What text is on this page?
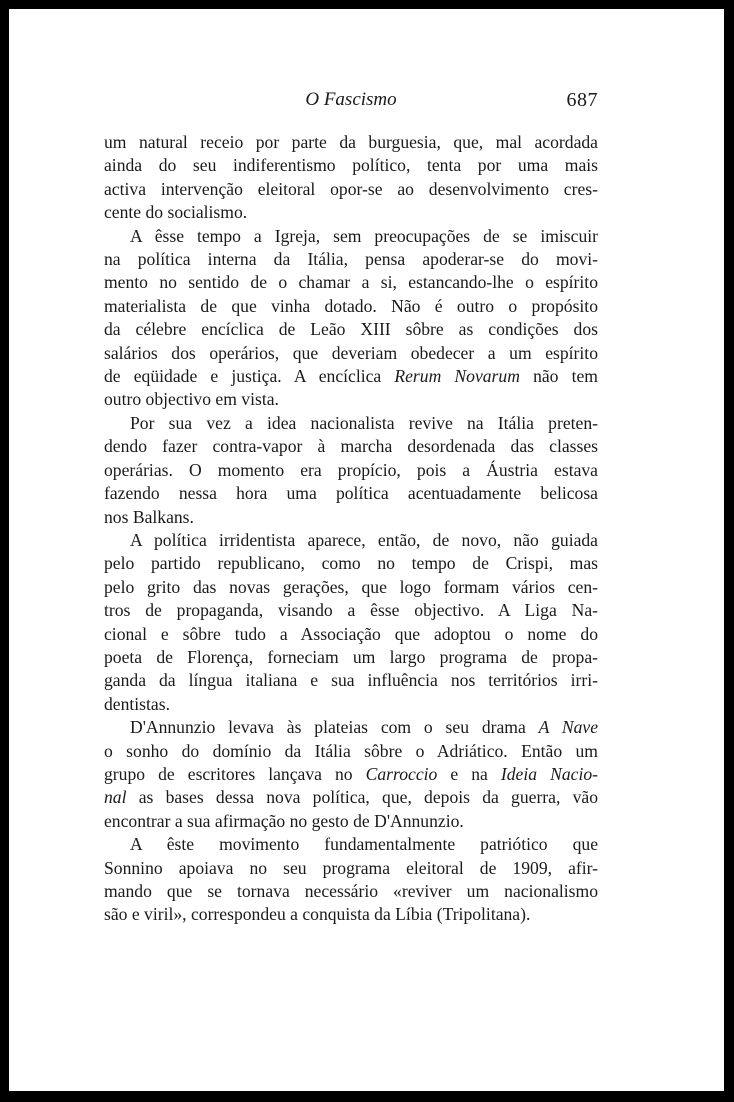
O Fascismo	687
um natural receio por parte da burguesia, que, mal acordada
ainda do seu indiferentismo político, tenta por uma mais
activa intervenção eleitoral opor-se ao desenvolvimento cres-
cente do socialismo.
A êsse tempo a Igreja, sem preocupações de se imiscuir
na política interna da Itália, pensa apoderar-se do movi-
mento no sentido de o chamar a si, estancando-lhe o espírito
materialista de que vinha dotado. Não é outro o propósito
da célebre encíclica de Leão XIII sôbre as condições dos
salários dos operários, que deveriam obedecer a um espírito
de eqüidade e justiça. A encíclica Rerum Novarum não tem
outro objectivo em vista.
Por sua vez a idea nacionalista revive na Itália preten-
dendo fazer contra-vapor à marcha desordenada das classes
operárias. O momento era propício, pois a Áustria estava
fazendo nessa hora uma política acentuadamente belicosa
nos Balkans.
A política irridentista aparece, então, de novo, não guiada
pelo partido republicano, como no tempo de Crispi, mas
pelo grito das novas gerações, que logo formam vários cen-
tros de propaganda, visando a êsse objectivo. A Liga Na-
cional e sôbre tudo a Associação que adoptou o nome do
poeta de Florença, forneciam um largo programa de propa-
ganda da língua italiana e sua influência nos territórios irri-
dentistas.
D'Annunzio levava às plateias com o seu drama A Nave
o sonho do domínio da Itália sôbre o Adriático. Então um
grupo de escritores lançava no Carroccio e na Ideia Nacio-
nal as bases dessa nova política, que, depois da guerra, vão
encontrar a sua afirmação no gesto de D'Annunzio.
A êste movimento fundamentalmente patriótico que
Sonnino apoiava no seu programa eleitoral de 1909, afir-
mando que se tornava necessário «reviver um nacionalismo
são e viril», correspondeu a conquista da Líbia (Tripolitana).
